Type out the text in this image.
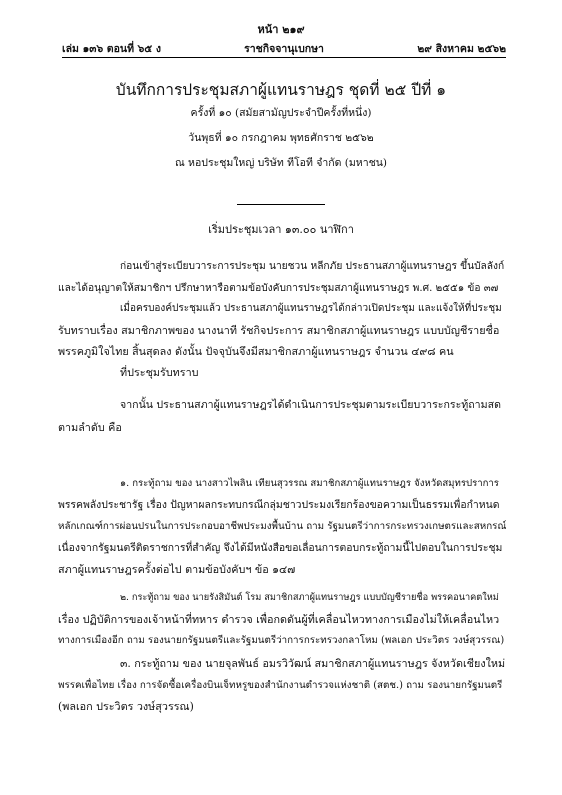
หน้า ๒๑๙
ราชกิจจานุเบกษา
เล่ม ๑๓๖ ตอนที่ ๖๕ ง	๒๙ สิงหาคม ๒๕๖๒
บันทึกการประชุมสภาผู้แทนราษฎร ชุดที่ ๒๕ ปีที่ ๑
ครั้งที่ ๑๐ (สมัยสามัญประจำปีครั้งที่หนึ่ง)
วันพุธที่ ๑๐ กรกฎาคม พุทธศักราช ๒๕๖๒
ณ หอประชุมใหญ่ บริษัท ทีโอที จำกัด (มหาชน)
เริ่มประชุมเวลา ๑๓.๐๐ นาฬิกา
ก่อนเข้าสู่ระเบียบวาระการประชุม นายชวน หลีกภัย ประธานสภาผู้แทนราษฎร ขึ้นบัลลังก์
และได้อนุญาตให้สมาชิกฯ ปรึกษาหารือตามข้อบังคับการประชุมสภาผู้แทนราษฎร พ.ศ. ๒๕๕๑ ข้อ ๓๗
เมื่อครบองค์ประชุมแล้ว ประธานสภาผู้แทนราษฎรได้กล่าวเปิดประชุม และแจ้งให้ที่ประชุม
รับทราบเรื่อง สมาชิกภาพของ นางนาที รัชกิจประการ สมาชิกสภาผู้แทนราษฎร แบบบัญชีรายชื่อ
พรรคภูมิใจไทย สิ้นสุดลง ดังนั้น ปัจจุบันจึงมีสมาชิกสภาผู้แทนราษฎร จำนวน ๔๙๘ คน
ที่ประชุมรับทราบ
จากนั้น ประธานสภาผู้แทนราษฎรได้ดำเนินการประชุมตามระเบียบวาระกระทู้ถามสด
ตามลำดับ คือ
๑. กระทู้ถาม ของ นางสาวไพลิน เทียนสุวรรณ สมาชิกสภาผู้แทนราษฎร จังหวัดสมุทรปราการ
พรรคพลังประชารัฐ เรื่อง ปัญหาผลกระทบกรณีกลุ่มชาวประมงเรียกร้องขอความเป็นธรรมเพื่อกำหนด
หลักเกณฑ์การผ่อนปรนในการประกอบอาชีพประมงพื้นบ้าน ถาม รัฐมนตรีว่าการกระทรวงเกษตรและสหกรณ์
เนื่องจากรัฐมนตรีติดราชการที่สำคัญ จึงได้มีหนังสือขอเลื่อนการตอบกระทู้ถามนี้ไปตอบในการประชุม
สภาผู้แทนราษฎรครั้งต่อไป ตามข้อบังคับฯ ข้อ ๑๔๗
๒. กระทู้ถาม ของ นายรังสิมันต์ โรม สมาชิกสภาผู้แทนราษฎร แบบบัญชีรายชื่อ พรรคอนาคตใหม่
เรื่อง ปฏิบัติการของเจ้าหน้าที่ทหาร ดำรวจ เพื่อกดดันผู้ที่เคลื่อนไหวทางการเมืองไม่ให้เคลื่อนไหว
ทางการเมืองอีก ถาม รองนายกรัฐมนตรีและรัฐมนตรีว่าการกระทรวงกลาโหม (พลเอก ประวิตร วงษ์สุวรรณ)
๓. กระทู้ถาม ของ นายจุลพันธ์ อมรวิวัฒน์ สมาชิกสภาผู้แทนราษฎร จังหวัดเชียงใหม่
พรรคเพื่อไทย เรื่อง การจัดซื้อเครื่องบินเจ็ทหรูของสำนักงานตำรวจแห่งชาติ (สตช.) ถาม รองนายกรัฐมนตรี
(พลเอก ประวิตร วงษ์สุวรรณ)
